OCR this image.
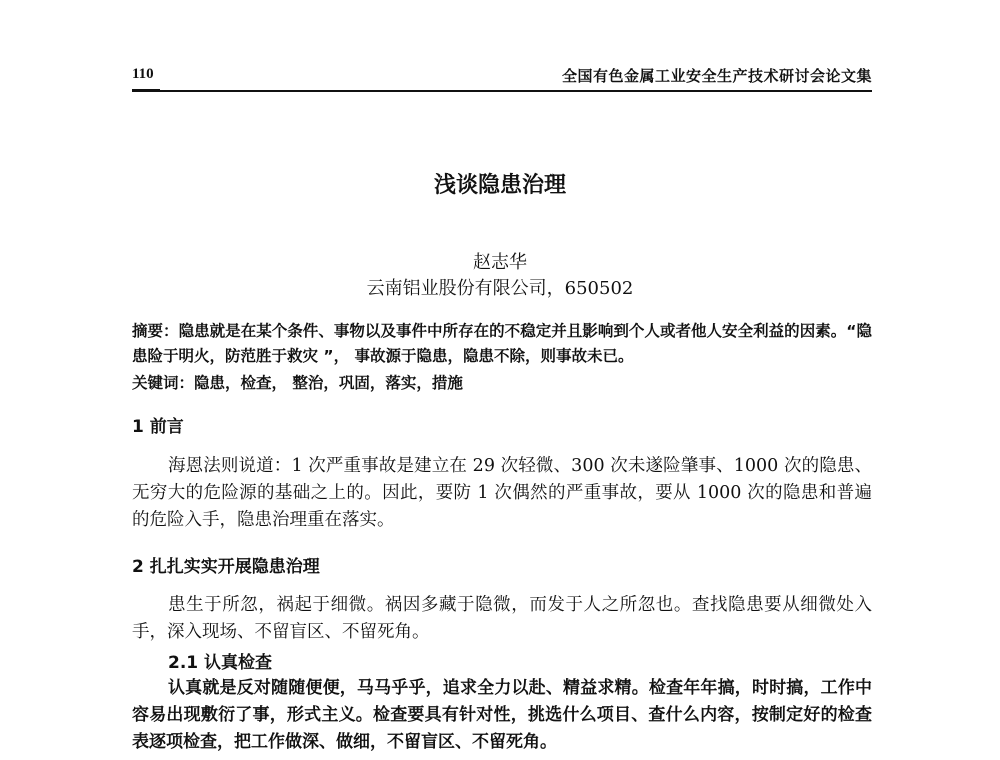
110	全国有色金属工业安全生产技术研讨会论文集
浅谈隐患治理
赵志华
云南铝业股份有限公司，650502

摘要：隐患就是在某个条件、事物以及事件中所存在的不稳定并且影响到个人或者他人安全利益的因素。“隐患险于明火，防范胜于救灾 ”， 事故源于隐患，隐患不除，则事故未已。

关键词：隐患，检查， 整治，巩固，落实，措施

1 前言

海恩法则说道：1 次严重事故是建立在 29 次轻微、300 次未遂险肇事、1000 次的隐患、无穷大的危险源的基础之上的。因此，要防 1 次偶然的严重事故，要从 1000 次的隐患和普遍的危险入手，隐患治理重在落实。

2 扎扎实实开展隐患治理

患生于所忽，祸起于细微。祸因多藏于隐微，而发于人之所忽也。查找隐患要从细微处入手，深入现场、不留盲区、不留死角。

2.1 认真检查

认真就是反对随随便便，马马乎乎，追求全力以赴、精益求精。检查年年搞，时时搞，工作中容易出现敷衍了事，形式主义。检查要具有针对性，挑选什么项目、查什么内容，按制定好的检查表逐项检查，把工作做深、做细，不留盲区、不留死角。
